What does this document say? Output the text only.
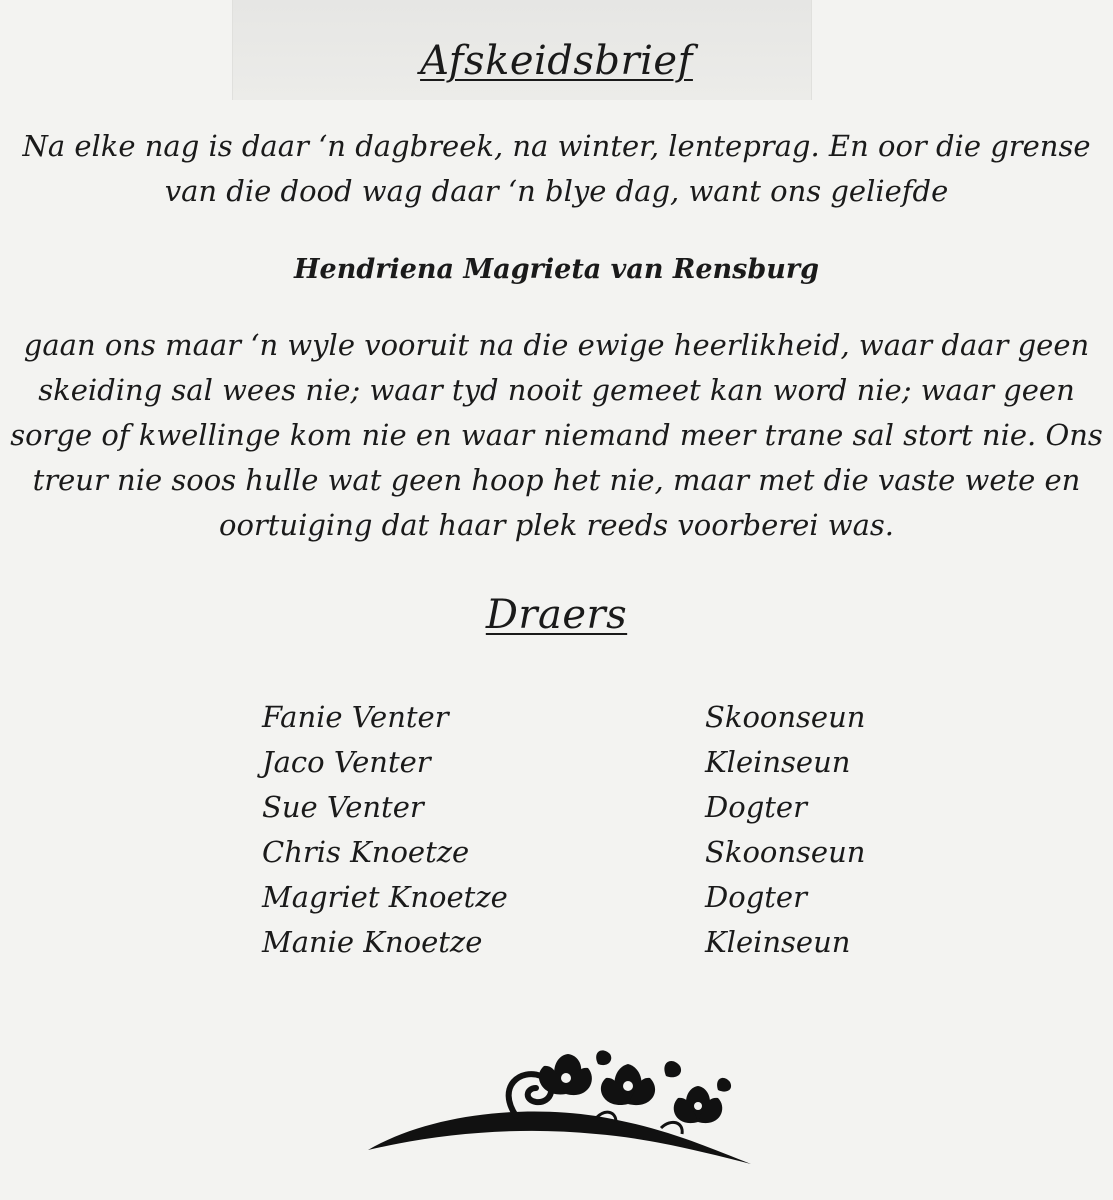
Afskeidsbrief

Na elke nag is daar ‘n dagbreek, na winter, lenteprag. En oor die grense van die dood wag daar ‘n blye dag, want ons geliefde

Hendriena Magrieta van Rensburg

gaan ons maar ‘n wyle vooruit na die ewige heerlikheid, waar daar geen skeiding sal wees nie; waar tyd nooit gemeet kan word nie; waar geen sorge of kwellinge kom nie en waar niemand meer trane sal stort nie. Ons treur nie soos hulle wat geen hoop het nie, maar met die vaste wete en oortuiging dat haar plek reeds voorberei was.

Draers
Fanie Venter	Skoonseun
Jaco Venter	Kleinseun
Sue Venter	Dogter
Chris Knoetze	Skoonseun
Magriet Knoetze	Dogter
Manie Knoetze	Kleinseun
